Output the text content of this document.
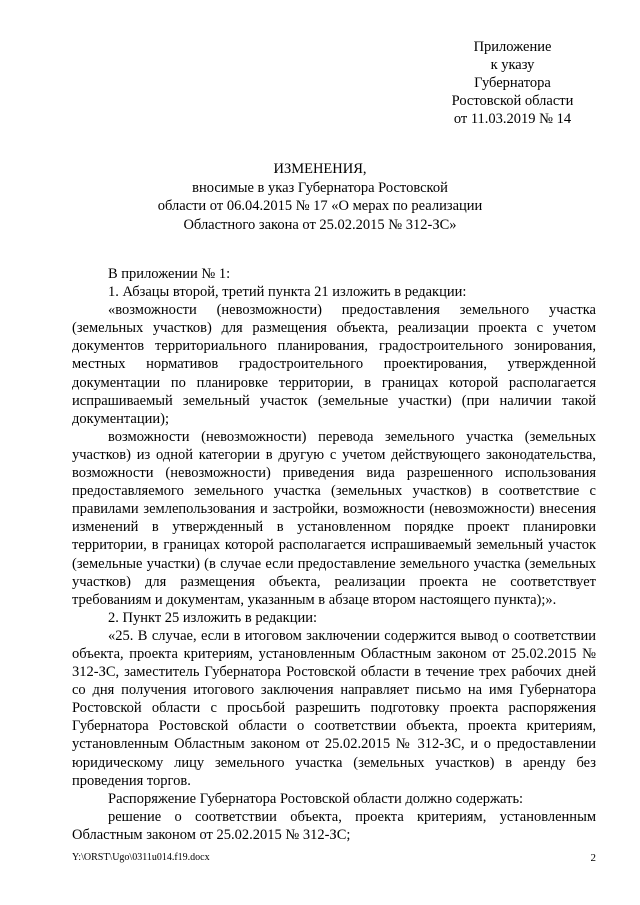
Приложение
к указу
Губернатора
Ростовской области
от 11.03.2019 № 14
ИЗМЕНЕНИЯ,
вносимые в указ Губернатора Ростовской
области от 06.04.2015 № 17 «О мерах по реализации
Областного закона от 25.02.2015 № 312-ЗС»

В приложении № 1:

1. Абзацы второй, третий пункта 21 изложить в редакции:

«возможности (невозможности) предоставления земельного участка (земельных участков) для размещения объекта, реализации проекта с учетом документов территориального планирования, градостроительного зонирования, местных нормативов градостроительного проектирования, утвержденной документации по планировке территории, в границах которой располагается испрашиваемый земельный участок (земельные участки) (при наличии такой документации);

возможности (невозможности) перевода земельного участка (земельных участков) из одной категории в другую с учетом действующего законодательства, возможности (невозможности) приведения вида разрешенного использования предоставляемого земельного участка (земельных участков) в соответствие с правилами землепользования и застройки, возможности (невозможности) внесения изменений в утвержденный в установленном порядке проект планировки территории, в границах которой располагается испрашиваемый земельный участок (земельные участки) (в случае если предоставление земельного участка (земельных участков) для размещения объекта, реализации проекта не соответствует требованиям и документам, указанным в абзаце втором настоящего пункта);».

2. Пункт 25 изложить в редакции:

«25. В случае, если в итоговом заключении содержится вывод о соответствии объекта, проекта критериям, установленным Областным законом от 25.02.2015 № 312-ЗС, заместитель Губернатора Ростовской области в течение трех рабочих дней со дня получения итогового заключения направляет письмо на имя Губернатора Ростовской области с просьбой разрешить подготовку проекта распоряжения Губернатора Ростовской области о соответствии объекта, проекта критериям, установленным Областным законом от 25.02.2015 № 312-ЗС, и о предоставлении юридическому лицу земельного участка (земельных участков) в аренду без проведения торгов.

Распоряжение Губернатора Ростовской области должно содержать:

решение о соответствии объекта, проекта критериям, установленным Областным законом от 25.02.2015 № 312-ЗС;

Y:\ORST\Ugo\0311u014.f19.docx	2
